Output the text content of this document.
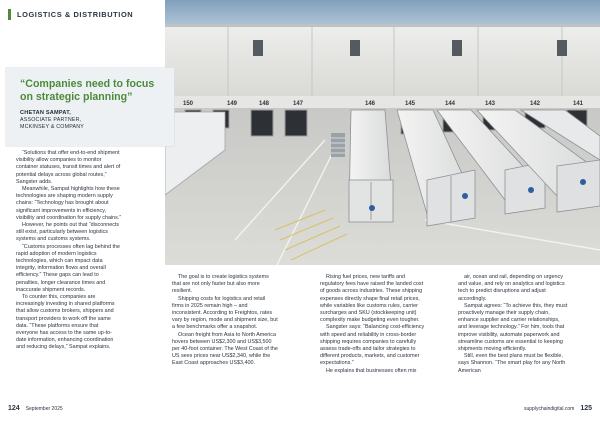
LOGISTICS & DISTRIBUTION
150	149	148	147	146	145	144	143	142	141
“Companies need to focus on strategic planning”
CHETAN SAMPAT,
ASSOCIATE PARTNER,
MCKINSEY & COMPANY

“Solutions that offer end-to-end shipment visibility allow companies to monitor container statuses, transit times and alert of potential delays across global routes,” Sangster adds.

Meanwhile, Sampat highlights how these technologies are shaping modern supply chains: “Technology has brought about significant improvements in efficiency, visibility and coordination for supply chains.”

However, he points out that “disconnects still exist, particularly between logistics systems and customs systems.

“Customs processes often lag behind the rapid adoption of modern logistics technologies, which can impact data integrity, information flows and overall efficiency.” These gaps can lead to penalties, longer clearance times and inaccurate shipment records.

To counter this, companies are increasingly investing in shared platforms that allow customs brokers, shippers and transport providers to work off the same data. “These platforms ensure that everyone has access to the same up-to-date information, enhancing coordination and reducing delays,” Sampat explains.

The goal is to create logistics systems that are not only faster but also more resilient.

Shipping costs for logistics and retail firms in 2025 remain high – and inconsistent. According to Freightos, rates vary by region, mode and shipment size, but a few benchmarks offer a snapshot.

Ocean freight from Asia to North America hovers between US$2,300 and US$3,500 per 40-foot container. The West Coast of the US sees prices near US$2,340, while the East Coast approaches US$3,400.

Rising fuel prices, new tariffs and regulatory fees have raised the landed cost of goods across industries. These shipping expenses directly shape final retail prices, while variables like customs rules, carrier surcharges and SKU (stockkeeping unit) complexity make budgeting even tougher.

Sangster says: “Balancing cost-efficiency with speed and reliability in cross-border shipping requires companies to carefully assess trade-offs and tailor strategies to different products, markets, and customer expectations.”

He explains that businesses often mix

air, ocean and rail, depending on urgency and value, and rely on analytics and logistics tech to predict disruptions and adjust accordingly.

Sampat agrees: “To achieve this, they must proactively manage their supply chain, enhance supplier and carrier relationships, and leverage technology.” For him, tools that improve visibility, automate paperwork and streamline customs are essential to keeping shipments moving efficiently.

Still, even the best plans must be flexible, says Shannon. “The smart play for any North American

124 September 2025	supplychaindigital.com 125
